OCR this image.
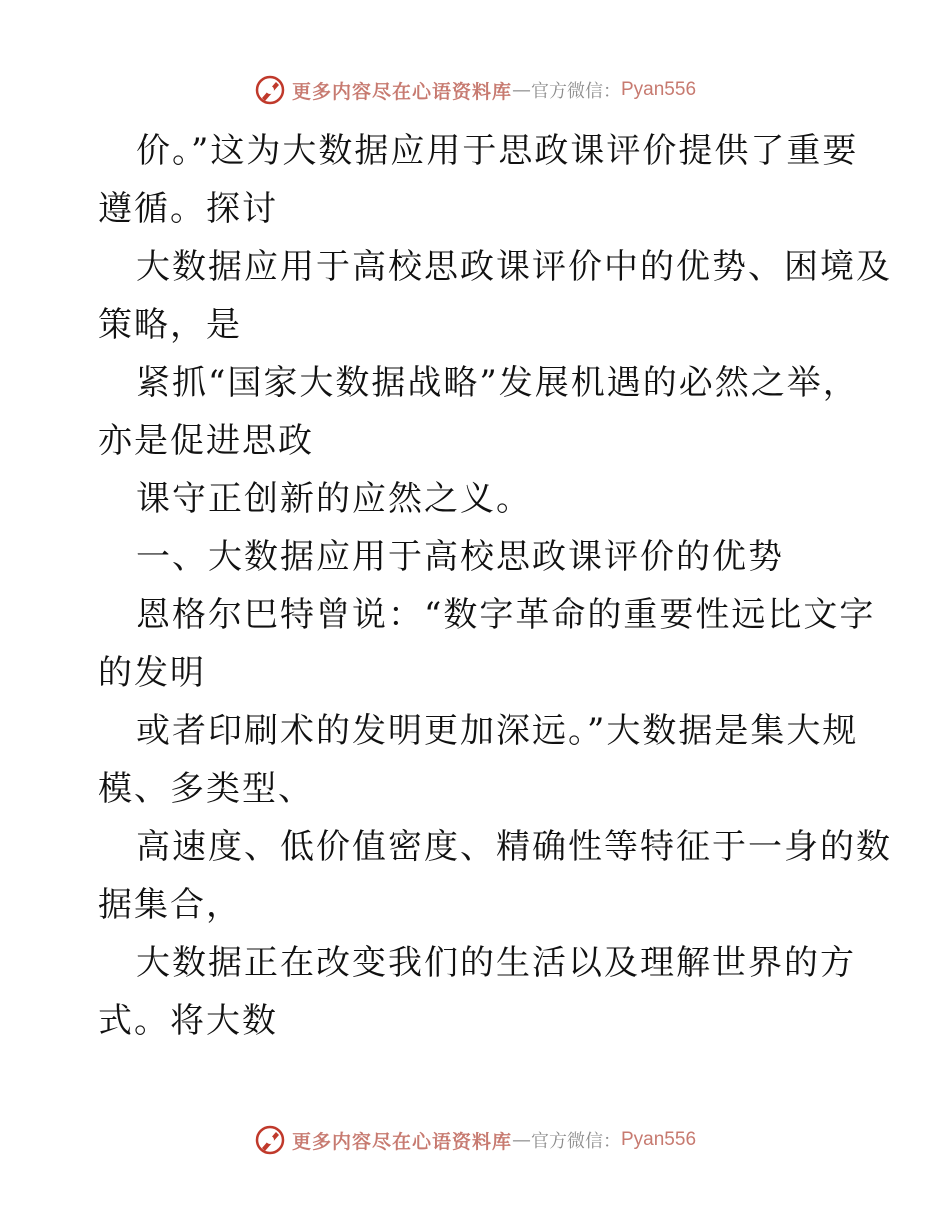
更多内容尽在心语资料库 — 官方微信： Pyan556

价。”这为大数据应用于思政课评价提供了重要

遵循。探讨

大数据应用于高校思政课评价中的优势、困境及

策略，是

紧抓“国家大数据战略”发展机遇的必然之举，

亦是促进思政

课守正创新的应然之义。

一、大数据应用于高校思政课评价的优势

恩格尔巴特曾说：“数字革命的重要性远比文字

的发明

或者印刷术的发明更加深远。”大数据是集大规

模、多类型、

高速度、低价值密度、精确性等特征于一身的数

据集合，

大数据正在改变我们的生活以及理解世界的方

式。将大数

更多内容尽在心语资料库 — 官方微信： Pyan556
